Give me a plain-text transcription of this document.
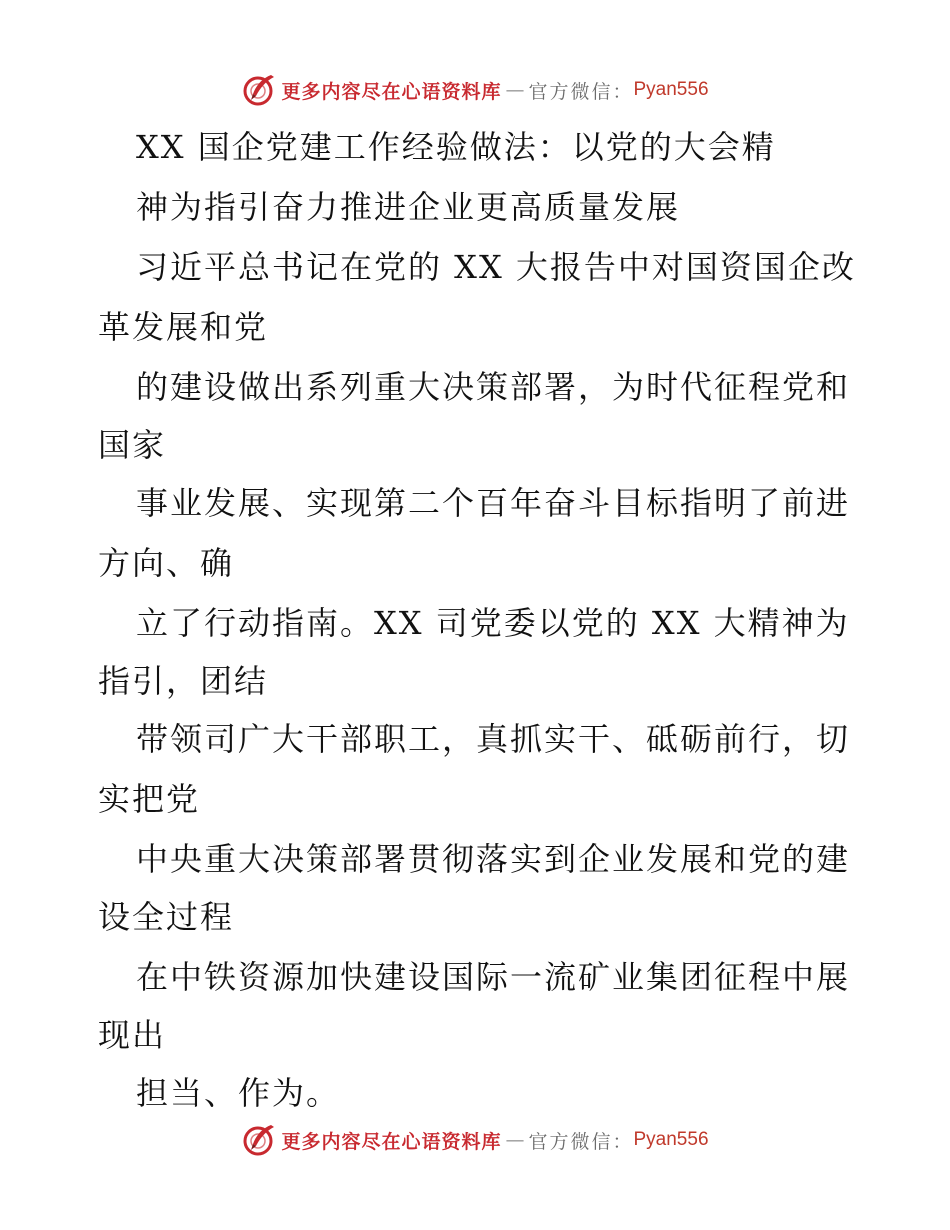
更多内容尽在心语资料库 — 官方微信： Pyan556
XX 国企党建工作经验做法：以党的大会精
神为指引奋力推进企业更高质量发展
习近平总书记在党的 XX 大报告中对国资国企改
革发展和党
的建设做出系列重大决策部署，为时代征程党和
国家
事业发展、实现第二个百年奋斗目标指明了前进
方向、确
立了行动指南。XX 司党委以党的 XX 大精神为
指引，团结
带领司广大干部职工，真抓实干、砥砺前行，切
实把党
中央重大决策部署贯彻落实到企业发展和党的建
设全过程
在中铁资源加快建设国际一流矿业集团征程中展
现出
担当、作为。
更多内容尽在心语资料库 — 官方微信： Pyan556
